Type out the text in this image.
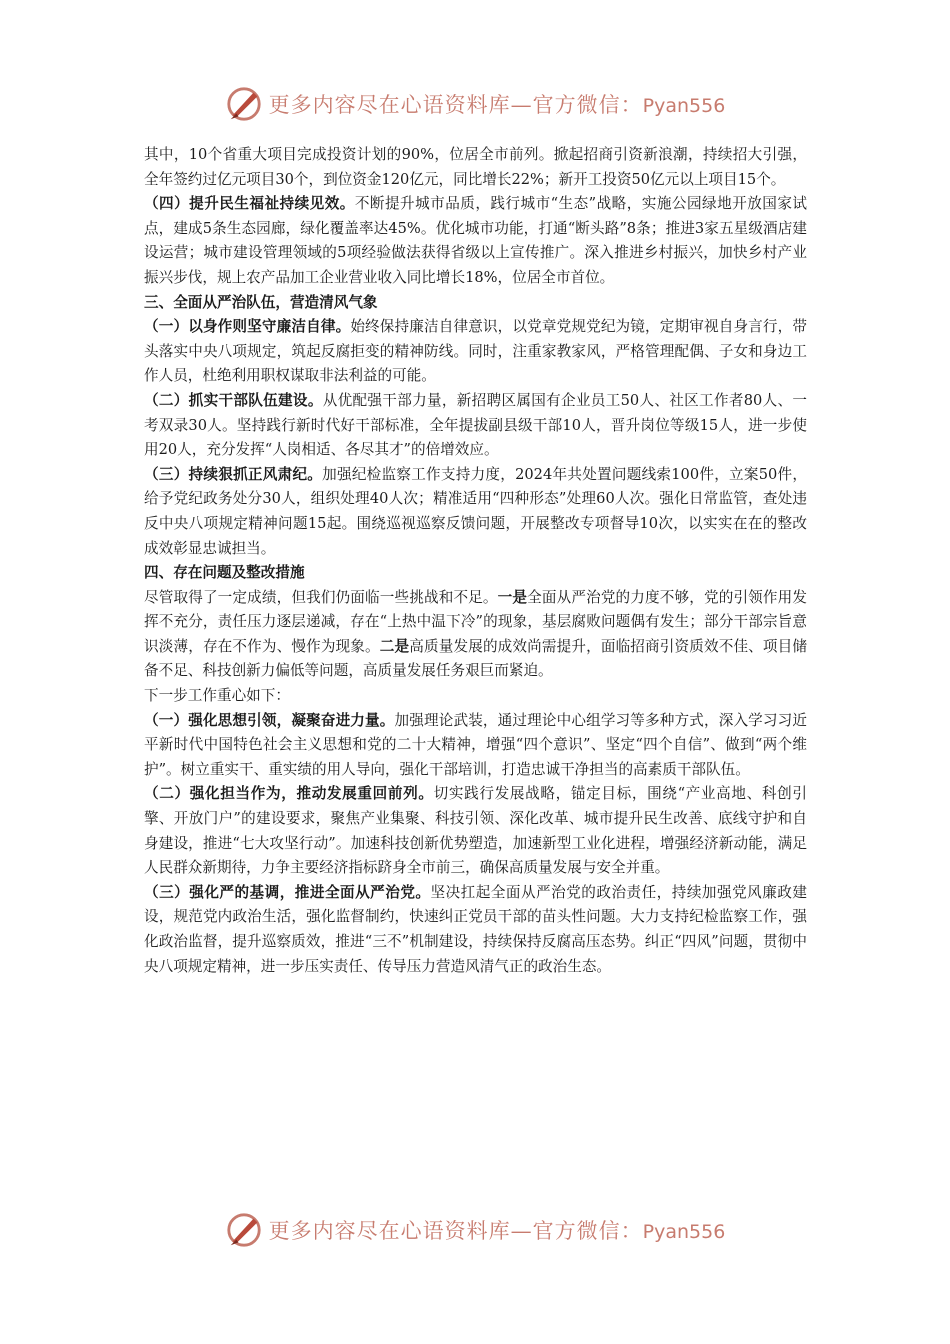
更多内容尽在心语资料库—官方微信：Pyan556

其中，10个省重大项目完成投资计划的90%，位居全市前列。掀起招商引资新浪潮，持续招大引强，全年签约过亿元项目30个，到位资金120亿元，同比增长22%；新开工投资50亿元以上项目15个。

（四）提升民生福祉持续见效。不断提升城市品质，践行城市“生态”战略，实施公园绿地开放国家试点，建成5条生态园廊，绿化覆盖率达45%。优化城市功能，打通“断头路”8条；推进3家五星级酒店建设运营；城市建设管理领域的5项经验做法获得省级以上宣传推广。深入推进乡村振兴，加快乡村产业振兴步伐，规上农产品加工企业营业收入同比增长18%，位居全市首位。

三、全面从严治队伍，营造清风气象

（一）以身作则坚守廉洁自律。始终保持廉洁自律意识，以党章党规党纪为镜，定期审视自身言行，带头落实中央八项规定，筑起反腐拒变的精神防线。同时，注重家教家风，严格管理配偶、子女和身边工作人员，杜绝利用职权谋取非法利益的可能。

（二）抓实干部队伍建设。从优配强干部力量，新招聘区属国有企业员工50人、社区工作者80人、一考双录30人。坚持践行新时代好干部标准，全年提拔副县级干部10人，晋升岗位等级15人，进一步使用20人，充分发挥“人岗相适、各尽其才”的倍增效应。

（三）持续狠抓正风肃纪。加强纪检监察工作支持力度，2024年共处置问题线索100件，立案50件，给予党纪政务处分30人，组织处理40人次；精准适用“四种形态”处理60人次。强化日常监管，查处违反中央八项规定精神问题15起。围绕巡视巡察反馈问题，开展整改专项督导10次，以实实在在的整改成效彰显忠诚担当。

四、存在问题及整改措施

尽管取得了一定成绩，但我们仍面临一些挑战和不足。一是全面从严治党的力度不够，党的引领作用发挥不充分，责任压力逐层递减，存在“上热中温下冷”的现象，基层腐败问题偶有发生；部分干部宗旨意识淡薄，存在不作为、慢作为现象。二是高质量发展的成效尚需提升，面临招商引资质效不佳、项目储备不足、科技创新力偏低等问题，高质量发展任务艰巨而紧迫。

下一步工作重心如下：

（一）强化思想引领，凝聚奋进力量。加强理论武装，通过理论中心组学习等多种方式，深入学习习近平新时代中国特色社会主义思想和党的二十大精神，增强“四个意识”、坚定“四个自信”、做到“两个维护”。树立重实干、重实绩的用人导向，强化干部培训，打造忠诚干净担当的高素质干部队伍。

（二）强化担当作为，推动发展重回前列。切实践行发展战略，锚定目标，围绕“产业高地、科创引擎、开放门户”的建设要求，聚焦产业集聚、科技引领、深化改革、城市提升民生改善、底线守护和自身建设，推进“七大攻坚行动”。加速科技创新优势塑造，加速新型工业化进程，增强经济新动能，满足人民群众新期待，力争主要经济指标跻身全市前三，确保高质量发展与安全并重。

（三）强化严的基调，推进全面从严治党。坚决扛起全面从严治党的政治责任，持续加强党风廉政建设，规范党内政治生活，强化监督制约，快速纠正党员干部的苗头性问题。大力支持纪检监察工作，强化政治监督，提升巡察质效，推进“三不”机制建设，持续保持反腐高压态势。纠正“四风”问题，贯彻中央八项规定精神，进一步压实责任、传导压力营造风清气正的政治生态。

更多内容尽在心语资料库—官方微信：Pyan556
